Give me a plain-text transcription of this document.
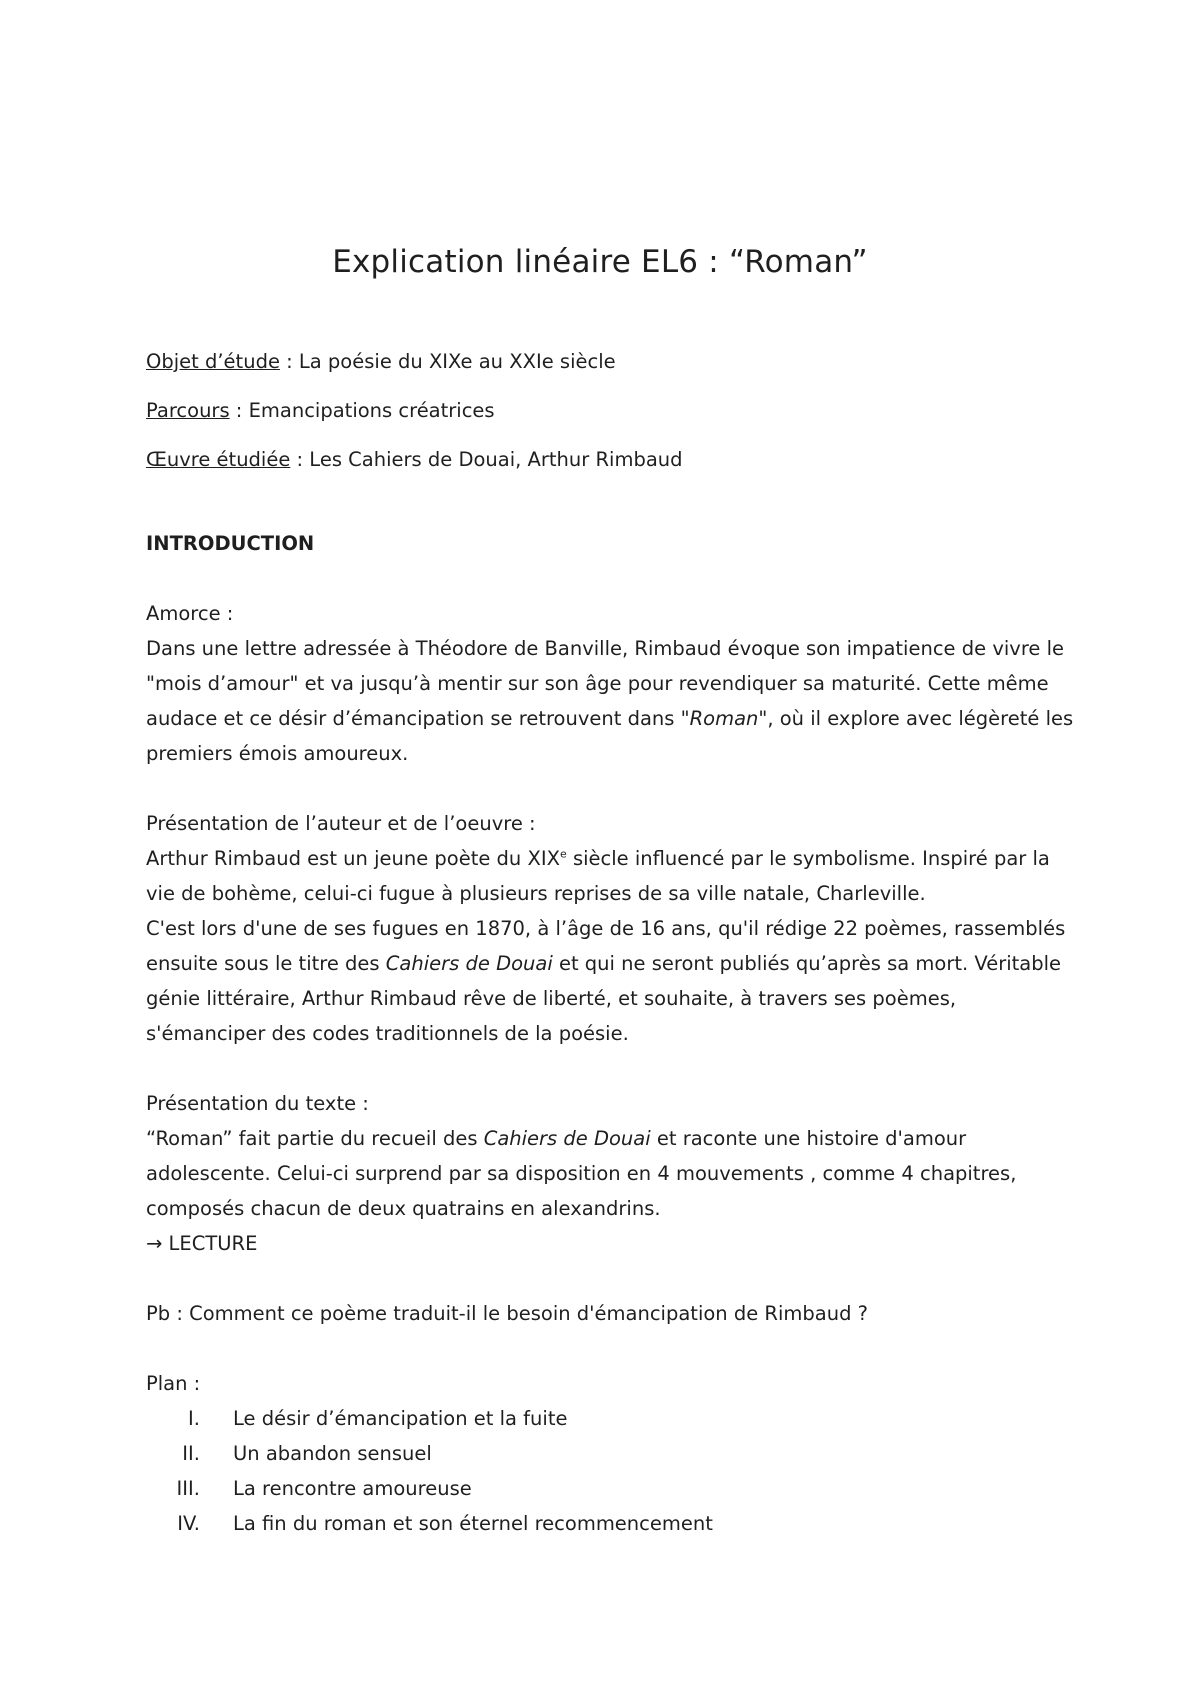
Explication linéaire EL6 : “Roman”

Objet d’étude : La poésie du XIXe au XXIe siècle

Parcours : Emancipations créatrices

Œuvre étudiée : Les Cahiers de Douai, Arthur Rimbaud

INTRODUCTION

Amorce :

Dans une lettre adressée à Théodore de Banville, Rimbaud évoque son impatience de vivre le "mois d’amour" et va jusqu’à mentir sur son âge pour revendiquer sa maturité. Cette même audace et ce désir d’émancipation se retrouvent dans "Roman", où il explore avec légèreté les premiers émois amoureux.

Présentation de l’auteur et de l’oeuvre :

Arthur Rimbaud est un jeune poète du XIXe siècle influencé par le symbolisme. Inspiré par la vie de bohème, celui-ci fugue à plusieurs reprises de sa ville natale, Charleville.

C'est lors d'une de ses fugues en 1870, à l’âge de 16 ans, qu'il rédige 22 poèmes, rassemblés ensuite sous le titre des Cahiers de Douai et qui ne seront publiés qu’après sa mort. Véritable génie littéraire, Arthur Rimbaud rêve de liberté, et souhaite, à travers ses poèmes, s'émanciper des codes traditionnels de la poésie.

Présentation du texte :

“Roman” fait partie du recueil des Cahiers de Douai et raconte une histoire d'amour adolescente. Celui-ci surprend par sa disposition en 4 mouvements , comme 4 chapitres, composés chacun de deux quatrains en alexandrins.

→ LECTURE

Pb : Comment ce poème traduit-il le besoin d'émancipation de Rimbaud ?

Plan :

I. Le désir d’émancipation et la fuite
II. Un abandon sensuel
III. La rencontre amoureuse
IV. La fin du roman et son éternel recommencement
